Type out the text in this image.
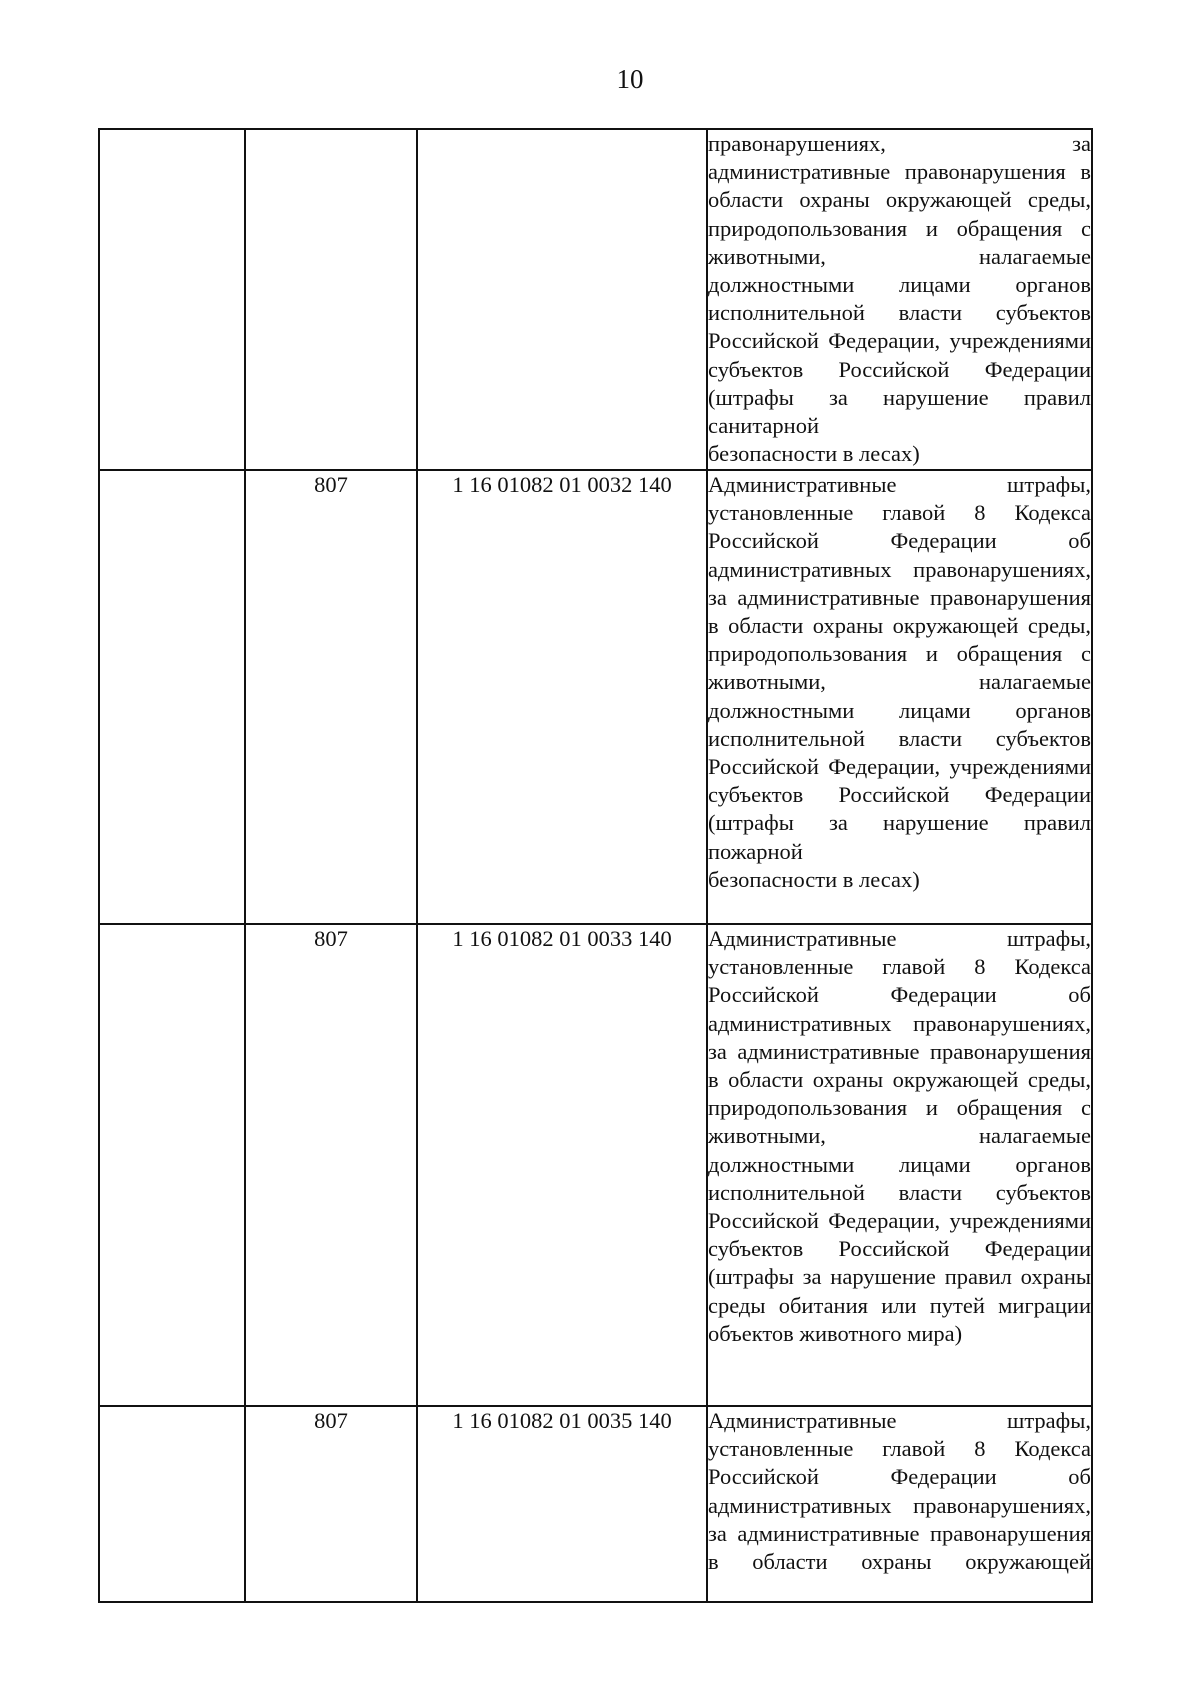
10

			правонарушениях, за административные правонарушения в области охраны окружающей среды, природопользования и обращения с животными, налагаемые должностными лицами органов исполнительной власти субъектов Российской Федерации, учреждениями субъектов Российской Федерации (штрафы за нарушение правил санитарной
безопасности в лесах)

	807	1 16 01082 01 0032 140	Административные штрафы, установленные главой 8 Кодекса Российской Федерации об административных правонарушениях, за административные правонарушения в области охраны окружающей среды, природопользования и обращения с животными, налагаемые должностными лицами органов исполнительной власти субъектов Российской Федерации, учреждениями субъектов Российской Федерации (штрафы за нарушение правил пожарной
безопасности в лесах)

	807	1 16 01082 01 0033 140	Административные штрафы, установленные главой 8 Кодекса Российской Федерации об административных правонарушениях, за административные правонарушения в области охраны окружающей среды, природопользования и обращения с животными, налагаемые должностными лицами органов исполнительной власти субъектов Российской Федерации, учреждениями субъектов Российской Федерации (штрафы за нарушение правил охраны среды обитания или путей миграции
объектов животного мира)

	807	1 16 01082 01 0035 140	Административные штрафы, установленные главой 8 Кодекса Российской Федерации об административных правонарушениях, за административные правонарушения в области охраны окружающей
